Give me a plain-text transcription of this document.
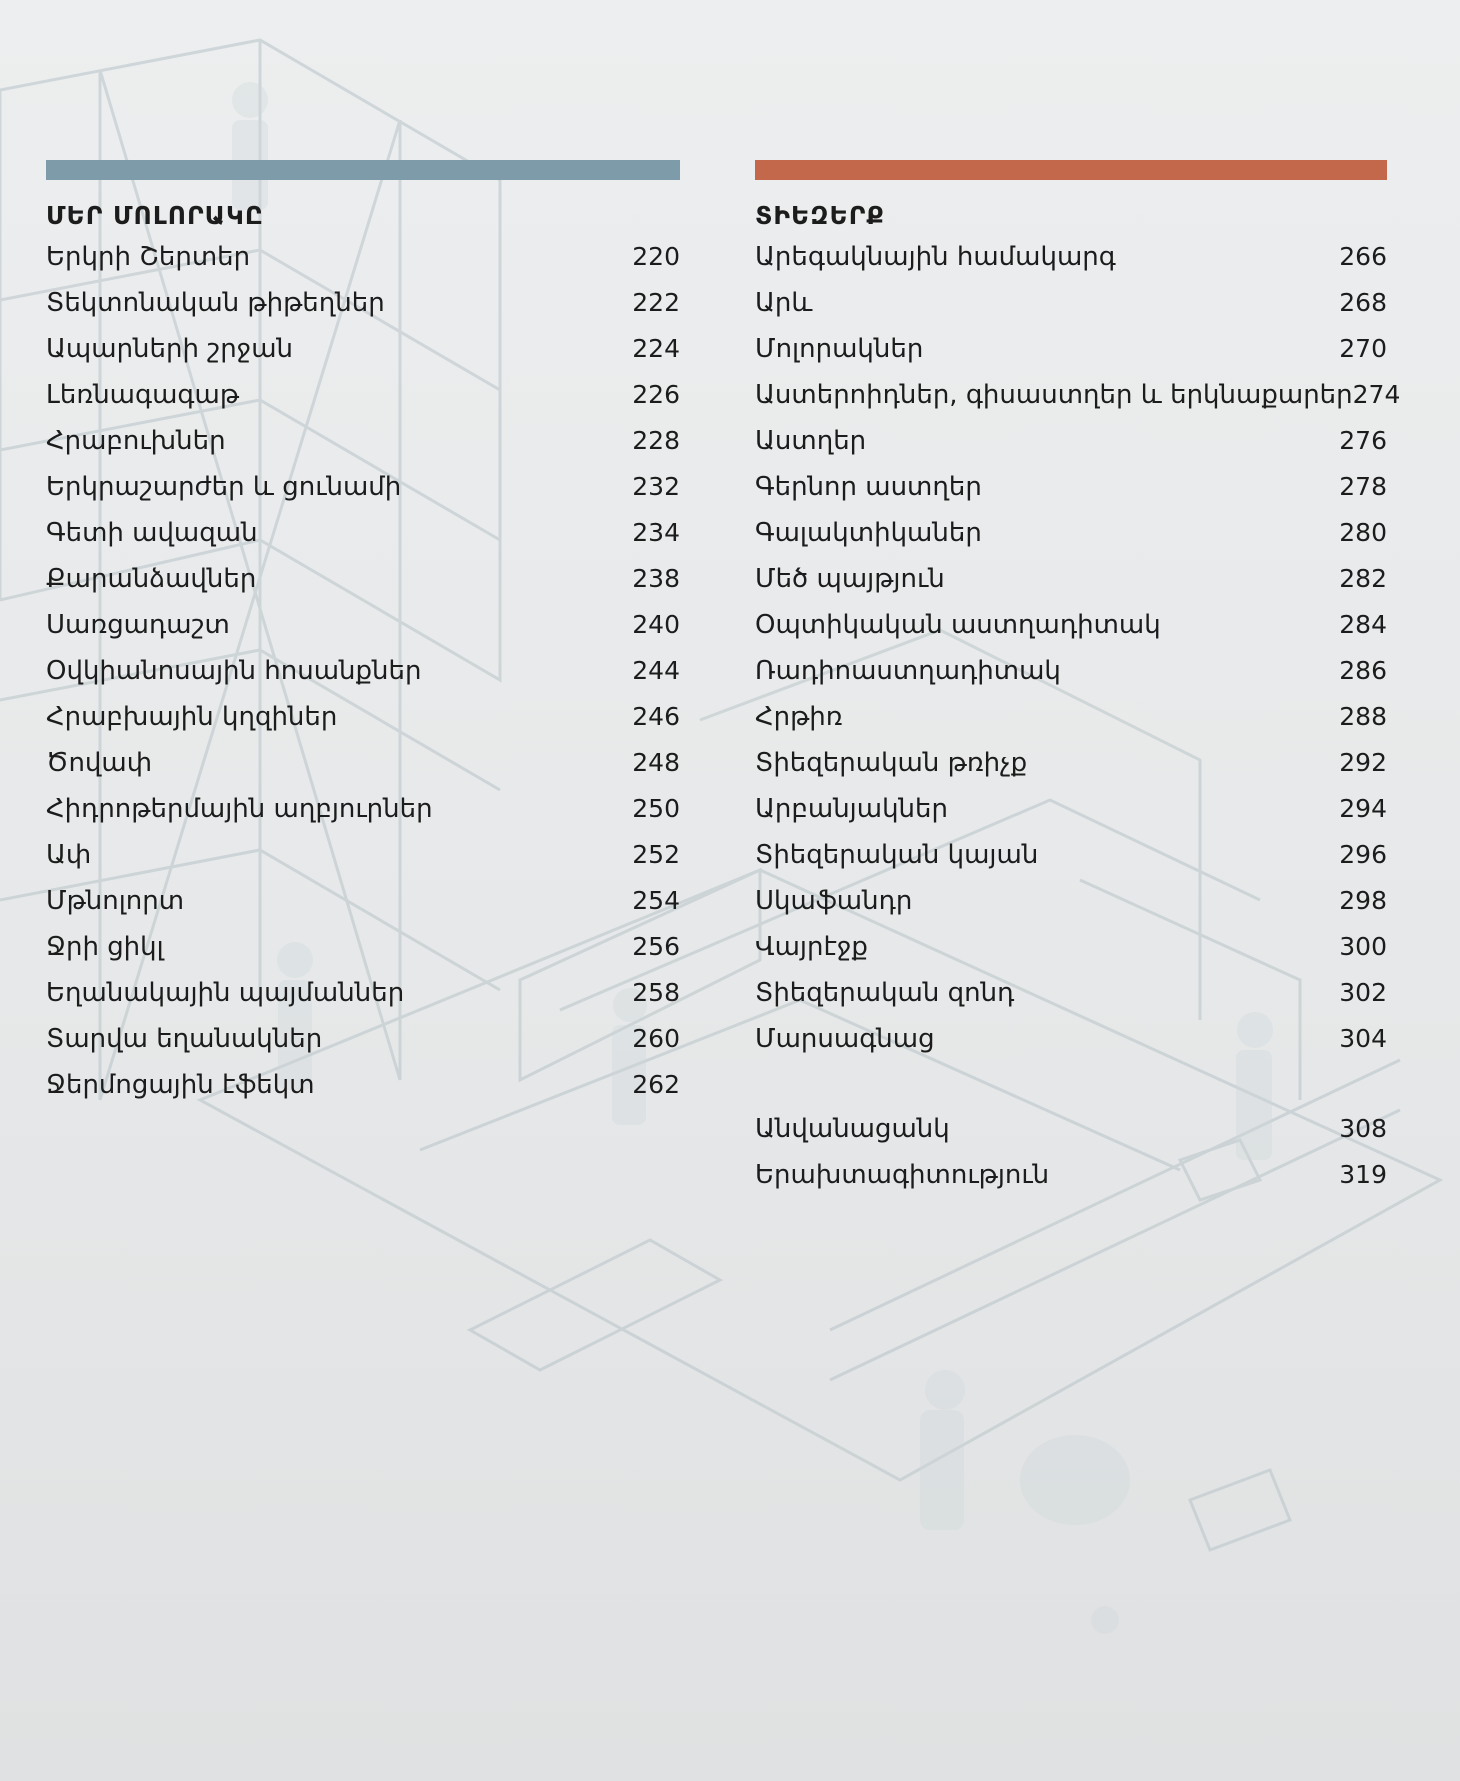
ՄԵՐ ՄՈԼՈՐԱԿԸ
Երկրի Շերտեր	220
Տեկտոնական թիթեղներ	222
Ապարների շրջան	224
Լեռնագագաթ	226
Հրաբուխներ	228
Երկրաշարժեր և ցունամի	232
Գետի ավազան	234
Քարանձավներ	238
Սառցադաշտ	240
Օվկիանոսային հոսանքներ	244
Հրաբխային կղզիներ	246
Ծովափ	248
Հիդրոթերմային աղբյուրներ	250
Ափ	252
Մթնոլորտ	254
Ջրի ցիկլ	256
Եղանակային պայմաններ	258
Տարվա եղանակներ	260
Ջերմոցային էֆեկտ	262
ՏԻԵԶԵՐՔ
Արեգակնային համակարգ	266
Արև	268
Մոլորակներ	270
Աստերոիդներ, գիսաստղեր և երկնաքարեր 274
Աստղեր	276
Գերնոր աստղեր	278
Գալակտիկաներ	280
Մեծ պայթյուն	282
Օպտիկական աստղադիտակ	284
Ռադիոաստղադիտակ	286
Հրթիռ	288
Տիեզերական թռիչք	292
Արբանյակներ	294
Տիեզերական կայան	296
Սկաֆանդր	298
Վայրէջք	300
Տիեզերական զոնդ	302
Մարսագնաց	304
Անվանացանկ	308
Երախտագիտություն	319
